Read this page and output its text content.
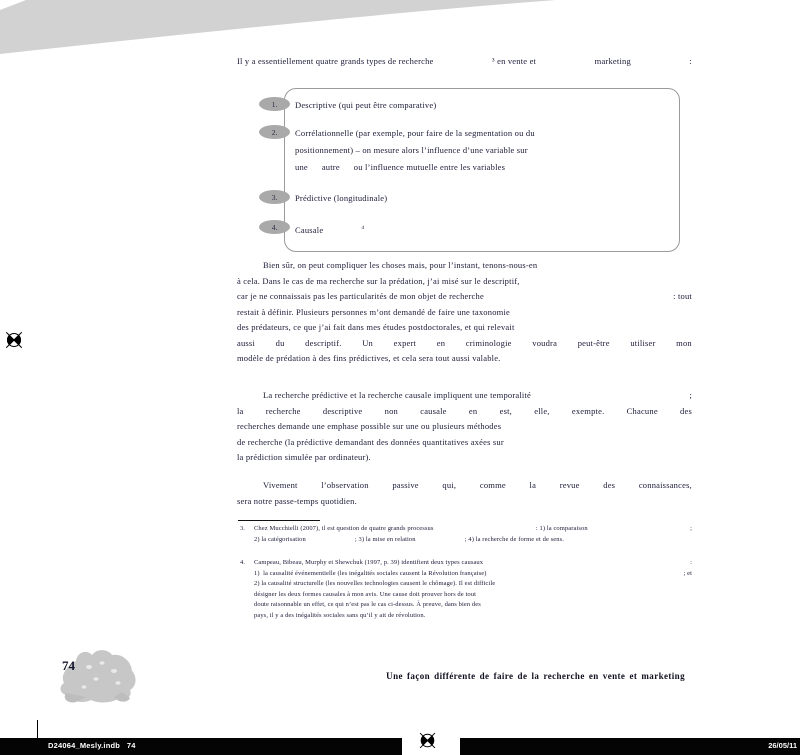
Il y a essentiellement quatre grands types de recherche	³ en vente et	marketing	:
1.	Descriptive (qui peut être comparative)
2.	Corrélationnelle (par exemple, pour faire de la segmentation ou du
positionnement) – on mesure alors l’influence d’une variable sur
une      autre      ou l’influence mutuelle entre les variables
3.	Prédictive (longitudinale)
4.	Causale	$^4$
Bien sûr, on peut compliquer les choses mais, pour l’instant, tenons-nous-en
à cela. Dans le cas de ma recherche sur la prédation, j’ai misé sur le descriptif,
car je ne connaissais pas les particularités de mon objet de recherche	: tout
restait à définir. Plusieurs personnes m’ont demandé de faire une taxonomie
des prédateurs, ce que j’ai fait dans mes études postdoctorales, et qui relevait
aussi du descriptif. Un expert en criminologie voudra peut-être utiliser mon
modèle de prédation à des fins prédictives, et cela sera tout aussi valable.
La recherche prédictive et la recherche causale impliquent une temporalité	;
la	recherche	descriptive	non	causale	en	est,	elle,	exempte.	Chacune	des
recherches demande une emphase possible sur une ou plusieurs méthodes
de recherche (la prédictive demandant des données quantitatives axées sur
la prédiction simulée par ordinateur).
Vivement	l’observation	passive	qui,	comme	la	revue	des	connaissances,
sera notre passe-temps quotidien.
3.	Chez Mucchielli (2007), il est question de quatre grands processus	: 1) la comparaison	;
2) la catégorisation	; 3) la mise en relation	; 4) la recherche de forme et de sens.
4.	Campeau, Bibeau, Murphy et Shewchuk (1997, p. 39) identifient deux types causaux	:
1)  la causalité événementielle (les inégalités sociales causent la Révolution française)	; et
2) la causalité structurelle (les nouvelles technologies causent le chômage). Il est difficile
désigner les deux formes causales à mon avis. Une cause doit prouver hors de tout
doute raisonnable un effet, ce qui n’est pas le cas ci-dessus. À preuve, dans bien des
pays, il y a des inégalités sociales sans qu’il y ait de révolution.
74
Une façon différente de faire de la recherche en vente et marketing
D24064_Mesly.indb   74	26/05/11
